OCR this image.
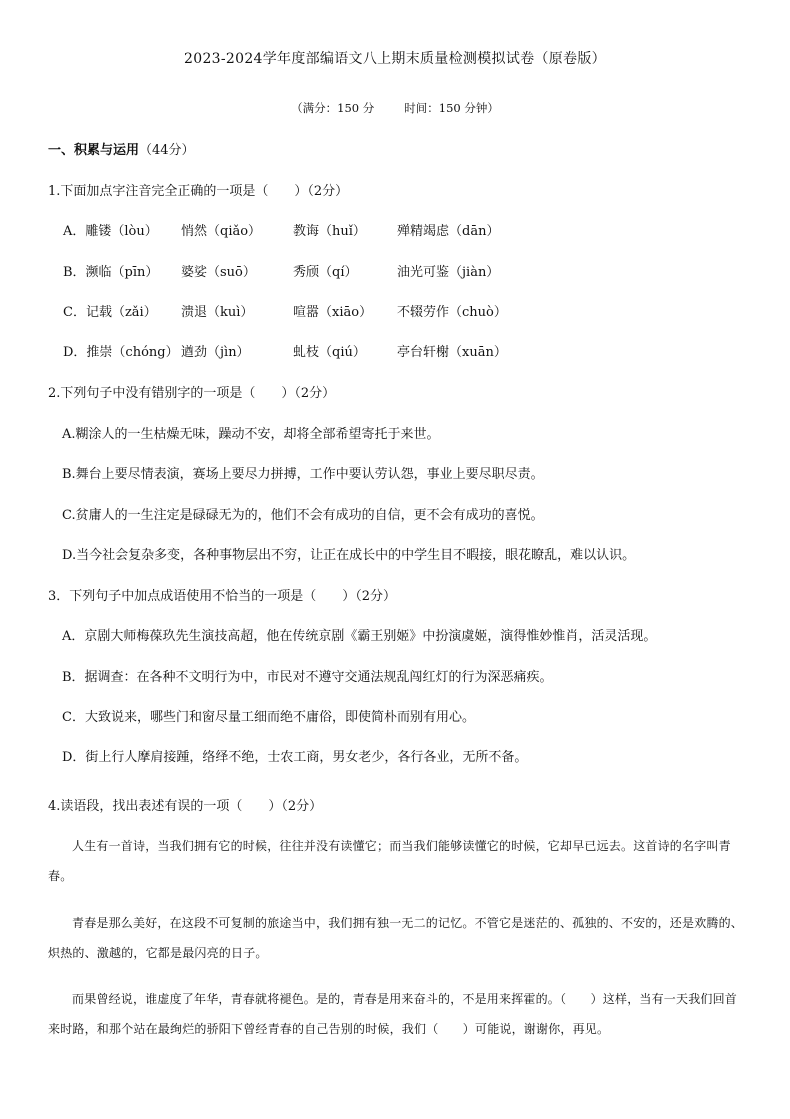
2023-2024学年度部编语文八上期末质量检测模拟试卷（原卷版）
（满分：150 分	时间：150 分钟）
一、积累与运用（44分）
1.下面加点字注音完全正确的一项是（　　）（2分）
A．雕镂（lòu） 悄然（qiǎo） 教诲（huǐ） 殚精竭虑（dān）
B．濒临（pīn） 婆娑（suō）	秀颀（qí）	油光可鉴（jiàn）
C．记载（zǎi） 溃退（kuì）	喧嚣（xiāo） 不辍劳作（chuò）
D．推崇（chóng） 遒劲（jìn）	虬枝（qiú） 亭台轩榭（xuān）
2.下列句子中没有错别字的一项是（　　）（2分）
A.糊涂人的一生枯燥无味，躁动不安，却将全部希望寄托于来世。
B.舞台上要尽情表演，赛场上要尽力拼搏，工作中要认劳认怨，事业上要尽职尽责。
C.贫庸人的一生注定是碌碌无为的，他们不会有成功的自信，更不会有成功的喜悦。
D.当今社会复杂多变，各种事物层出不穷，让正在成长中的中学生目不暇接，眼花瞭乱，难以认识。
3．下列句子中加点成语使用不恰当的一项是（　　）（2分）
A．京剧大师梅葆玖先生演技高超，他在传统京剧《霸王别姬》中扮演虞姬，演得惟妙惟肖，活灵活现。
B．据调查：在各种不文明行为中，市民对不遵守交通法规乱闯红灯的行为深恶痛疾。
C．大致说来，哪些门和窗尽量工细而绝不庸俗，即使简朴而别有用心。
D．街上行人摩肩接踵，络绎不绝，士农工商，男女老少，各行各业，无所不备。
4.读语段，找出表述有误的一项（　　）（2分）
人生有一首诗，当我们拥有它的时候，往往并没有读懂它；而当我们能够读懂它的时候，它却早已远去。这首诗的名字叫青春。
青春是那么美好，在这段不可复制的旅途当中，我们拥有独一无二的记忆。不管它是迷茫的、孤独的、不安的，还是欢腾的、炽热的、激越的，它都是最闪亮的日子。
而果曾经说，谁虚度了年华，青春就将褪色。是的，青春是用来奋斗的，不是用来挥霍的。（　　）这样，当有一天我们回首来时路，和那个站在最绚烂的骄阳下曾经青春的自己告别的时候，我们（　　）可能说，谢谢你，再见。
